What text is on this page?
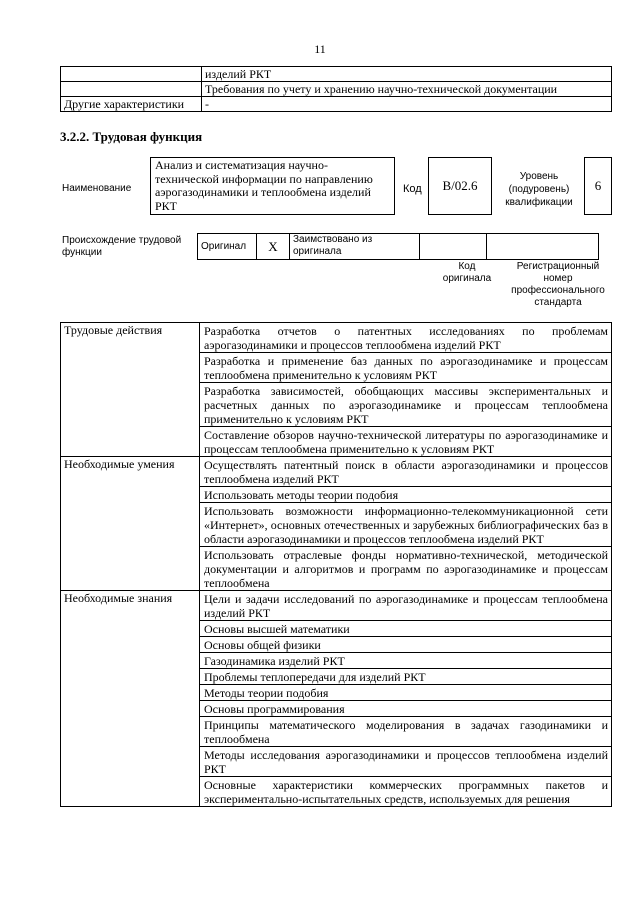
11
	изделий РКТ
	Требования по учету и хранению научно-технической документации
Другие характеристики	-
3.2.2. Трудовая функция
Наименование
Анализ и систематизация научно-технической информации по направлению аэрогазодинамики и теплообмена изделий РКТ
Код	B/02.6
Уровень (подуровень) квалификации
6
Происхождение трудовой функции
Оригинал	X	Заимствовано из оригинала		
Код оригинала
Регистрационный номер профессионального стандарта
Трудовые действия	Разработка отчетов о патентных исследованиях по проблемам аэрогазодинамики и процессов теплообмена изделий РКТ
	Разработка и применение баз данных по аэрогазодинамике и процессам теплообмена применительно к условиям РКТ
	Разработка зависимостей, обобщающих массивы экспериментальных и расчетных данных по аэрогазодинамике и процессам теплообмена применительно к условиям РКТ
	Составление обзоров научно-технической литературы по аэрогазодинамике и процессам теплообмена применительно к условиям РКТ
Необходимые умения	Осуществлять патентный поиск в области аэрогазодинамики и процессов теплообмена изделий РКТ
	Использовать методы теории подобия
	Использовать возможности информационно-телекоммуникационной сети «Интернет», основных отечественных и зарубежных библиографических баз в области аэрогазодинамики и процессов теплообмена изделий РКТ
	Использовать отраслевые фонды нормативно-технической, методической документации и алгоритмов и программ по аэрогазодинамике и процессам теплообмена
Необходимые знания	Цели и задачи исследований по аэрогазодинамике и процессам теплообмена изделий РКТ
	Основы высшей математики
	Основы общей физики
	Газодинамика изделий РКТ
	Проблемы теплопередачи для изделий РКТ
	Методы теории подобия
	Основы программирования
	Принципы математического моделирования в задачах газодинамики и теплообмена
	Методы исследования аэрогазодинамики и процессов теплообмена изделий РКТ
	Основные характеристики коммерческих программных пакетов и экспериментально-испытательных средств, используемых для решения
